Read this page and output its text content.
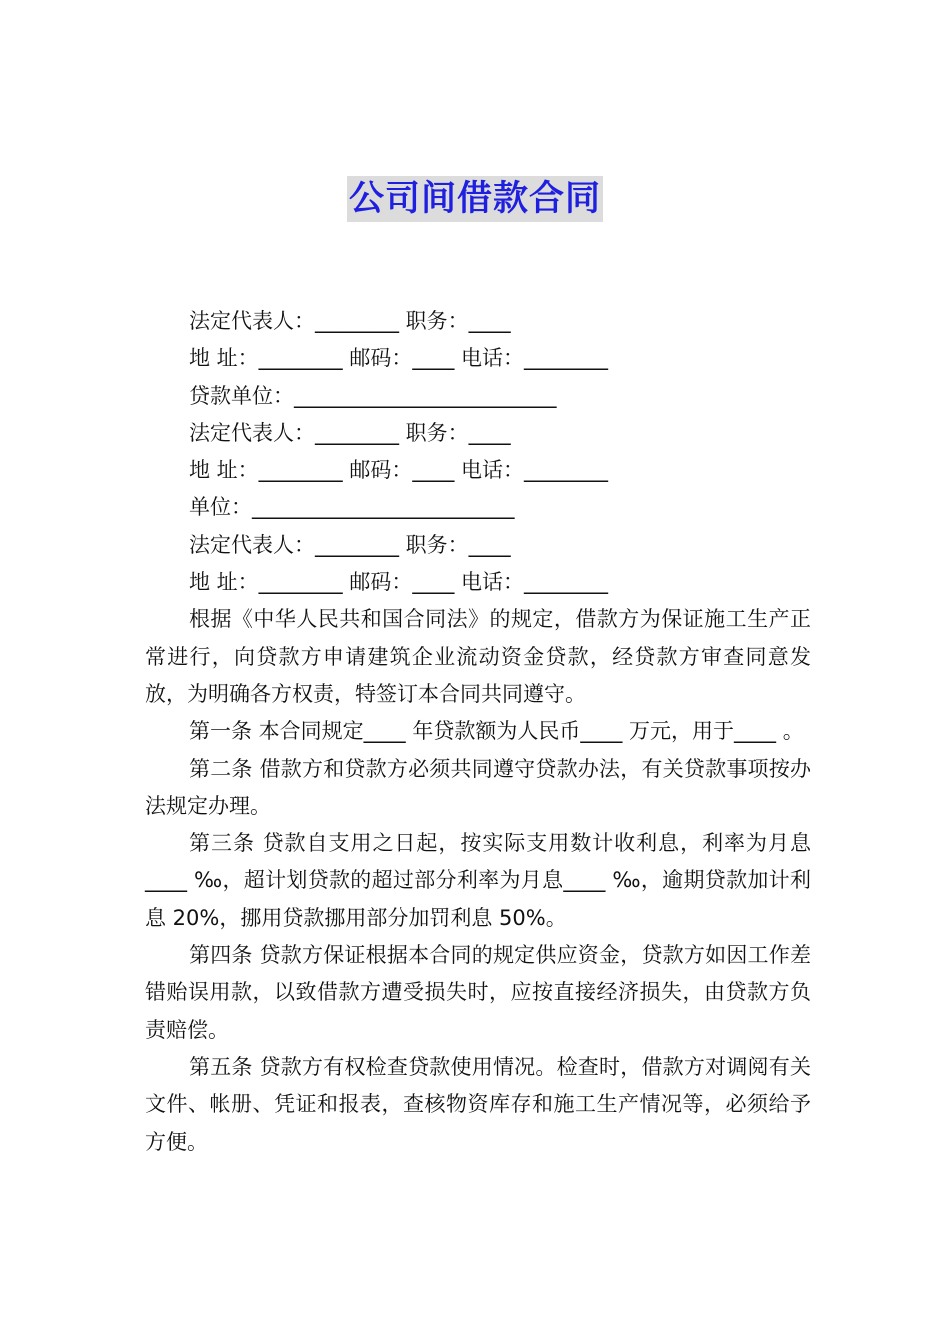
公司间借款合同
法定代表人：________ 职务：____
地 址：________ 邮码：____ 电话：________
贷款单位：_________________________
法定代表人：________ 职务：____
地 址：________ 邮码：____ 电话：________
单位：_________________________
法定代表人：________ 职务：____
地 址：________ 邮码：____ 电话：________

根据《中华人民共和国合同法》的规定，借款方为保证施工生产正常进行，向贷款方申请建筑企业流动资金贷款，经贷款方审查同意发放，为明确各方权责，特签订本合同共同遵守。

第一条 本合同规定____ 年贷款额为人民币____ 万元，用于____ 。

第二条 借款方和贷款方必须共同遵守贷款办法，有关贷款事项按办法规定办理。

第三条 贷款自支用之日起，按实际支用数计收利息，利率为月息____ ‰，超计划贷款的超过部分利率为月息____ ‰，逾期贷款加计利息 20%，挪用贷款挪用部分加罚利息 50%。

第四条 贷款方保证根据本合同的规定供应资金，贷款方如因工作差错贻误用款，以致借款方遭受损失时，应按直接经济损失，由贷款方负责赔偿。

第五条 贷款方有权检查贷款使用情况。检查时，借款方对调阅有关文件、帐册、凭证和报表，查核物资库存和施工生产情况等，必须给予方便。
